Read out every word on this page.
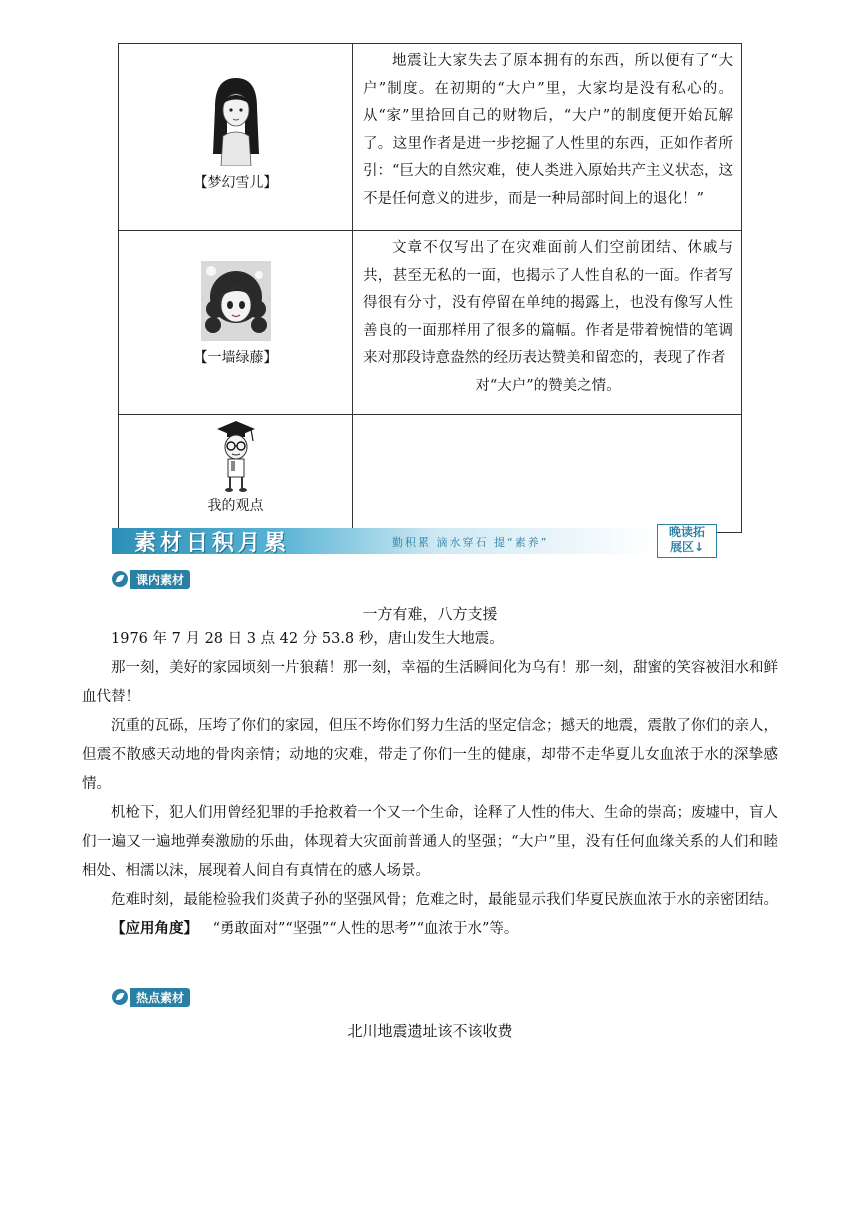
【梦幻雪儿】	地震让大家失去了原本拥有的东西，所以便有了“大户”制度。在初期的“大户”里，大家均是没有私心的。从“家”里拾回自己的财物后，“大户”的制度便开始瓦解了。这里作者是进一步挖掘了人性里的东西，正如作者所引：“巨大的自然灾难，使人类进入原始共产主义状态，这不是任何意义的进步，而是一种局部时间上的退化！”

【一墙绿藤】	文章不仅写出了在灾难面前人们空前团结、休戚与共，甚至无私的一面，也揭示了人性自私的一面。作者写得很有分寸，没有停留在单纯的揭露上，也没有像写人性善良的一面那样用了很多的篇幅。作者是带着惋惜的笔调来对那段诗意盎然的经历表达赞美和留恋的，表现了作者
对“大户”的赞美之情。

我的观点	

素材日积月累	勤积累 滴水穿石 提“素养”
晚读拓
展区↓
课内素材
一方有难，八方支援

1976 年 7 月 28 日 3 点 42 分 53.8 秒，唐山发生大地震。

那一刻，美好的家园顷刻一片狼藉！那一刻，幸福的生活瞬间化为乌有！那一刻，甜蜜的笑容被泪水和鲜血代替！

沉重的瓦砾，压垮了你们的家园，但压不垮你们努力生活的坚定信念；撼天的地震，震散了你们的亲人，但震不散感天动地的骨肉亲情；动地的灾难，带走了你们一生的健康，却带不走华夏儿女血浓于水的深挚感情。

机枪下，犯人们用曾经犯罪的手抢救着一个又一个生命，诠释了人性的伟大、生命的崇高；废墟中，盲人们一遍又一遍地弹奏激励的乐曲，体现着大灾面前普通人的坚强；“大户”里，没有任何血缘关系的人们和睦相处、相濡以沫，展现着人间自有真情在的感人场景。

危难时刻，最能检验我们炎黄子孙的坚强风骨；危难之时，最能显示我们华夏民族血浓于水的亲密团结。

【应用角度】 “勇敢面对”“坚强”“人性的思考”“血浓于水”等。
热点素材
北川地震遗址该不该收费
